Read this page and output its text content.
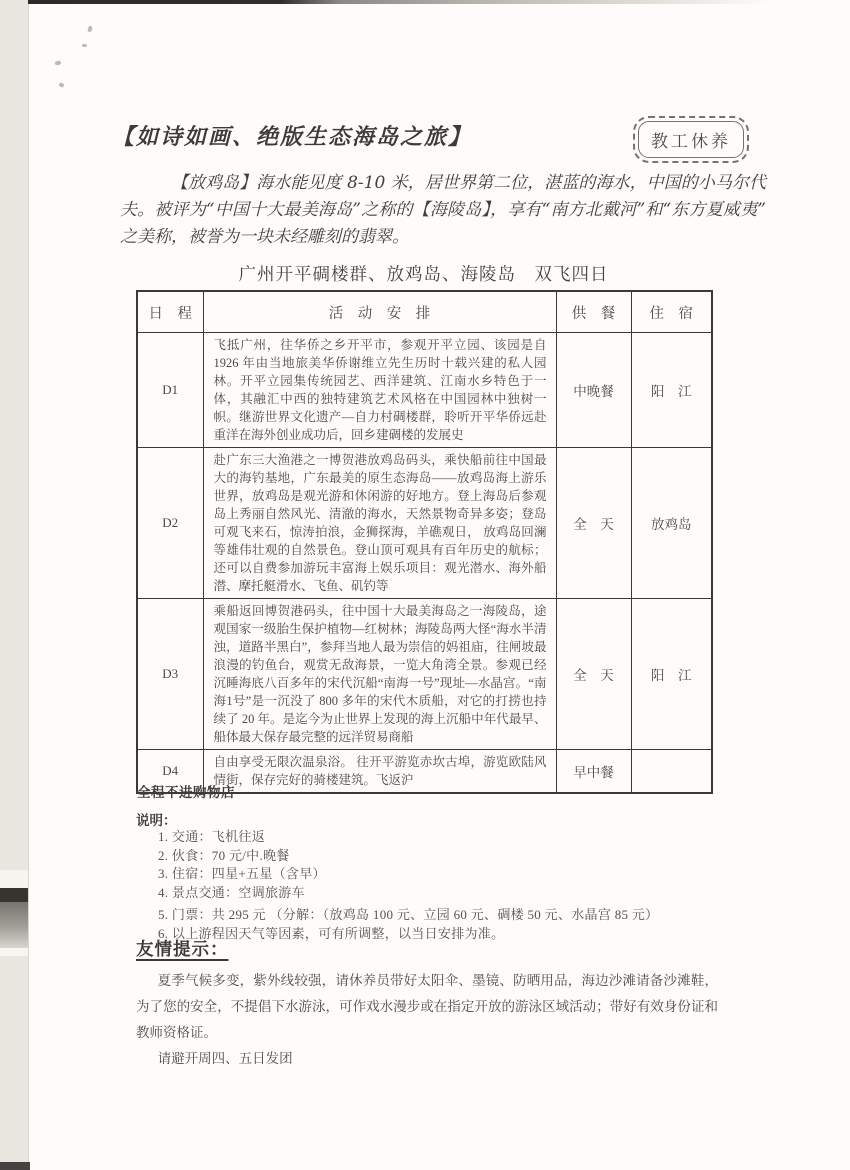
【如诗如画、绝版生态海岛之旅】	教工休养

【放鸡岛】海水能见度 8-10 米，居世界第二位，湛蓝的海水，中国的小马尔代夫。被评为“中国十大最美海岛”之称的【海陵岛】，享有“南方北戴河”和“东方夏威夷”之美称，被誉为一块未经雕刻的翡翠。

广州开平碉楼群、放鸡岛、海陵岛　双飞四日
日　程	活　动　安　排	供　餐	住　宿
D1	飞抵广州，往华侨之乡开平市，参观开平立园、该园是自 1926 年由当地旅美华侨谢维立先生历时十载兴建的私人园林。开平立园集传统园艺、西洋建筑、江南水乡特色于一体，其融汇中西的独特建筑艺术风格在中国园林中独树一帜。继游世界文化遗产—自力村碉楼群，聆听开平华侨远赴重洋在海外创业成功后，回乡建碉楼的发展史	中晚餐	阳　江
D2	赴广东三大渔港之一博贺港放鸡岛码头，乘快船前往中国最大的海钓基地，广东最美的原生态海岛——放鸡岛海上游乐世界，放鸡岛是观光游和休闲游的好地方。登上海岛后参观岛上秀丽自然风光、清澈的海水，天然景物奇异多姿；登岛可观飞来石，惊涛拍浪，金狮探海，羊礁观日， 放鸡岛回澜等雄伟壮观的自然景色。登山顶可观具有百年历史的航标；还可以自费参加游玩丰富海上娱乐项目：观光潜水、海外船潜、摩托艇滑水、飞鱼、矶钓等	全　天	放鸡岛
D3	乘船返回博贺港码头，往中国十大最美海岛之一海陵岛，途观国家一级胎生保护植物—红树林；海陵岛两大怪“海水半清浊，道路半黑白”，参拜当地人最为崇信的妈祖庙，往闸坡最浪漫的钓鱼台，观赏无敌海景，一览大角湾全景。参观已经沉睡海底八百多年的宋代沉船“南海一号”现址—水晶宫。“南海1号”是一沉没了 800 多年的宋代木质船，对它的打捞也持续了 20 年。是迄今为止世界上发现的海上沉船中年代最早、船体最大保存最完整的远洋贸易商船	全　天	阳　江
D4	自由享受无限次温泉浴。 往开平游览赤坎古埠，游览欧陆风情街，保存完好的骑楼建筑。飞返沪	早中餐	

全程不进购物店

说明：

1. 交通：飞机往返
2. 伙食：70 元/中.晚餐
3. 住宿：四星+五星（含早）
4. 景点交通：空调旅游车
5. 门票：共 295 元 （分解：（放鸡岛 100 元、立园 60 元、碉楼 50 元、水晶宫 85 元）
6. 以上游程因天气等因素，可有所调整，以当日安排为准。
友情提示：

夏季气候多变，紫外线较强，请休养员带好太阳伞、墨镜、防晒用品，海边沙滩请备沙滩鞋，为了您的安全，不提倡下水游泳，可作戏水漫步或在指定开放的游泳区域活动；带好有效身份证和教师资格证。

请避开周四、五日发团
